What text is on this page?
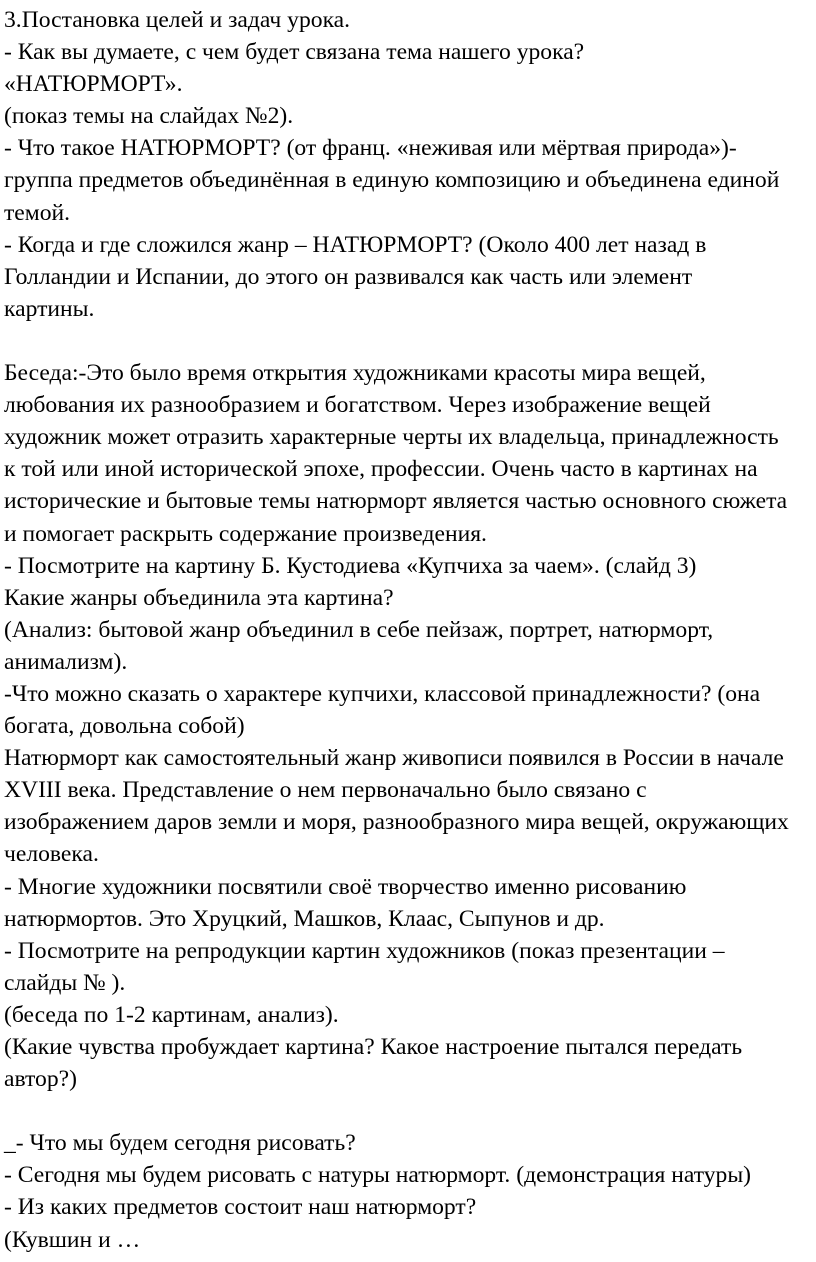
3.Постановка целей и задач урока.
- Как вы думаете, с чем будет связана тема нашего урока?
«НАТЮРМОРТ».
(показ темы на слайдах №2).
- Что такое НАТЮРМОРТ? (от франц. «неживая или мёртвая природа»)-
группа предметов объединённая в единую композицию и объединена единой
темой.
- Когда и где сложился жанр – НАТЮРМОРТ? (Около 400 лет назад в
Голландии и Испании, до этого он развивался как часть или элемент
картины.
Беседа:-Это было время открытия художниками красоты мира вещей,
любования их разнообразием и богатством. Через изображение вещей
художник может отразить характерные черты их владельца, принадлежность
к той или иной исторической эпохе, профессии. Очень часто в картинах на
исторические и бытовые темы натюрморт является частью основного сюжета
и помогает раскрыть содержание произведения.
- Посмотрите на картину Б. Кустодиева «Купчиха за чаем». (слайд 3)
Какие жанры объединила эта картина?
(Анализ: бытовой жанр объединил в себе пейзаж, портрет, натюрморт,
анимализм).
-Что можно сказать о характере купчихи, классовой принадлежности? (она
богата, довольна собой)
Натюрморт как самостоятельный жанр живописи появился в России в начале
XVIII века. Представление о нем первоначально было связано с
изображением даров земли и моря, разнообразного мира вещей, окружающих
человека.
- Многие художники посвятили своё творчество именно рисованию
натюрмортов. Это Хруцкий, Машков, Клаас, Сыпунов и др.
- Посмотрите на репродукции картин художников (показ презентации –
слайды № ).
(беседа по 1-2 картинам, анализ).
(Какие чувства пробуждает картина? Какое настроение пытался передать
автор?)
_- Что мы будем сегодня рисовать?
- Сегодня мы будем рисовать с натуры натюрморт. (демонстрация натуры)
- Из каких предметов состоит наш натюрморт?
(Кувшин и …
